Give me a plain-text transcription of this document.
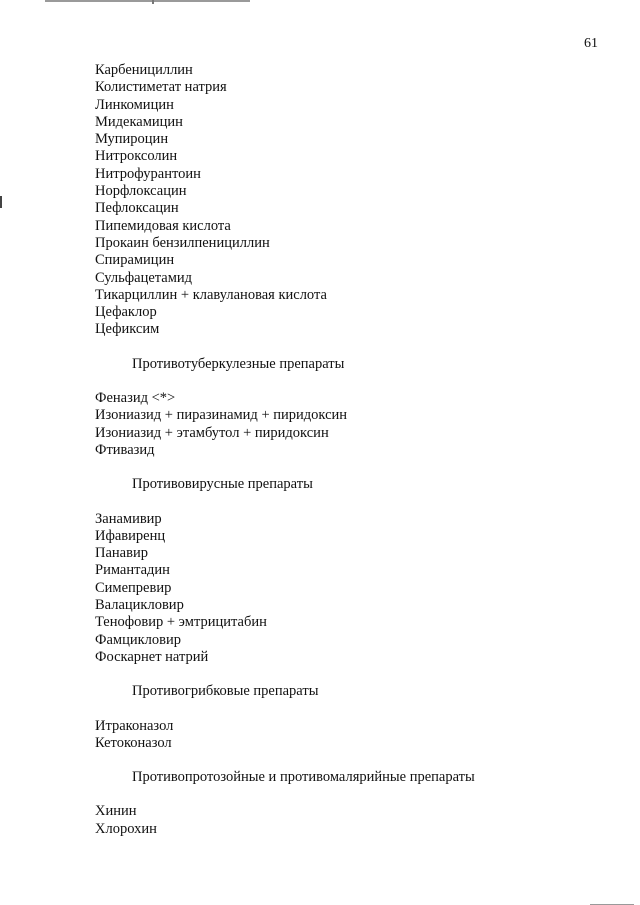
61
Карбенициллин
Колистиметат натрия
Линкомицин
Мидекамицин
Мупироцин
Нитроксолин
Нитрофурантоин
Норфлоксацин
Пефлоксацин
Пипемидовая кислота
Прокаин бензилпенициллин
Спирамицин
Сульфацетамид
Тикарциллин + клавулановая кислота
Цефаклор
Цефиксим
Противотуберкулезные препараты
Феназид <*>
Изониазид + пиразинамид + пиридоксин
Изониазид + этамбутол + пиридоксин
Фтивазид
Противовирусные препараты
Занамивир
Ифавиренц
Панавир
Римантадин
Симепревир
Валацикловир
Тенофовир + эмтрицитабин
Фамцикловир
Фоскарнет натрий
Противогрибковые препараты
Итраконазол
Кетоконазол
Противопротозойные и противомалярийные препараты
Хинин
Хлорохин
